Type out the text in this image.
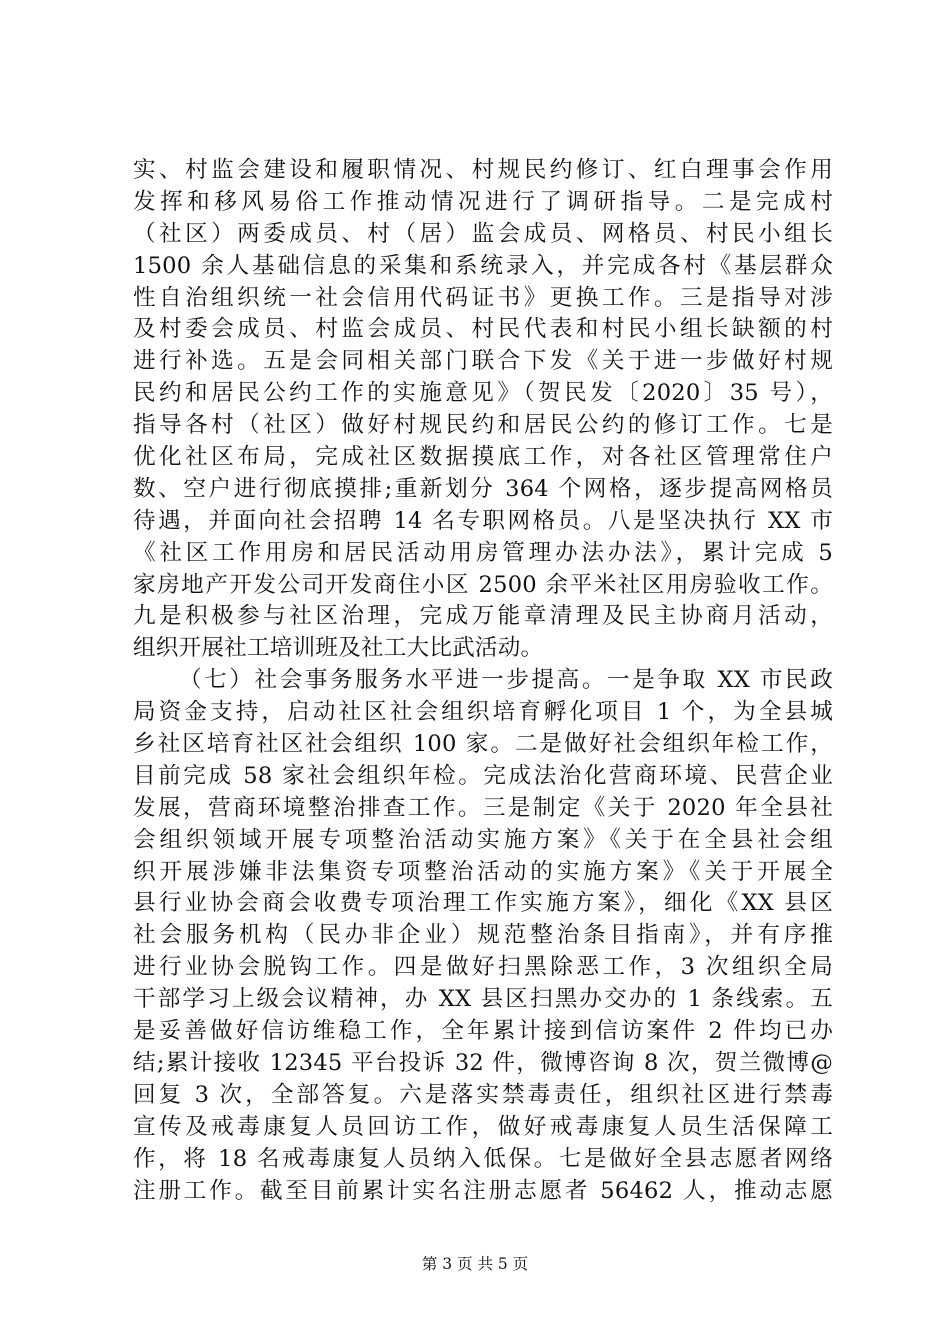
实、村监会建设和履职情况、村规民约修订、红白理事会作用
发挥和移风易俗工作推动情况进行了调研指导。二是完成村
（社区）两委成员、村（居）监会成员、网格员、村民小组长
1500 余人基础信息的采集和系统录入，并完成各村《基层群众
性自治组织统一社会信用代码证书》更换工作。三是指导对涉
及村委会成员、村监会成员、村民代表和村民小组长缺额的村
进行补选。五是会同相关部门联合下发《关于进一步做好村规
民约和居民公约工作的实施意见》（贺民发〔2020〕35 号），
指导各村（社区）做好村规民约和居民公约的修订工作。七是
优化社区布局，完成社区数据摸底工作，对各社区管理常住户
数、空户进行彻底摸排;重新划分 364 个网格，逐步提高网格员
待遇，并面向社会招聘 14 名专职网格员。八是坚决执行 XX 市
《社区工作用房和居民活动用房管理办法办法》，累计完成 5
家房地产开发公司开发商住小区 2500 余平米社区用房验收工作。
九是积极参与社区治理，完成万能章清理及民主协商月活动，
组织开展社工培训班及社工大比武活动。
（七）社会事务服务水平进一步提高。一是争取 XX 市民政
局资金支持，启动社区社会组织培育孵化项目 1 个，为全县城
乡社区培育社区社会组织 100 家。二是做好社会组织年检工作，
目前完成 58 家社会组织年检。完成法治化营商环境、民营企业
发展，营商环境整治排查工作。三是制定《关于 2020 年全县社
会组织领域开展专项整治活动实施方案》《关于在全县社会组
织开展涉嫌非法集资专项整治活动的实施方案》《关于开展全
县行业协会商会收费专项治理工作实施方案》，细化《XX 县区
社会服务机构（民办非企业）规范整治条目指南》，并有序推
进行业协会脱钩工作。四是做好扫黑除恶工作，3 次组织全局
干部学习上级会议精神，办 XX 县区扫黑办交办的 1 条线索。五
是妥善做好信访维稳工作，全年累计接到信访案件 2 件均已办
结;累计接收 12345 平台投诉 32 件，微博咨询 8 次，贺兰微博@
回复 3 次，全部答复。六是落实禁毒责任，组织社区进行禁毒
宣传及戒毒康复人员回访工作，做好戒毒康复人员生活保障工
作，将 18 名戒毒康复人员纳入低保。七是做好全县志愿者网络
注册工作。截至目前累计实名注册志愿者 56462 人，推动志愿
第 3 页 共 5 页
